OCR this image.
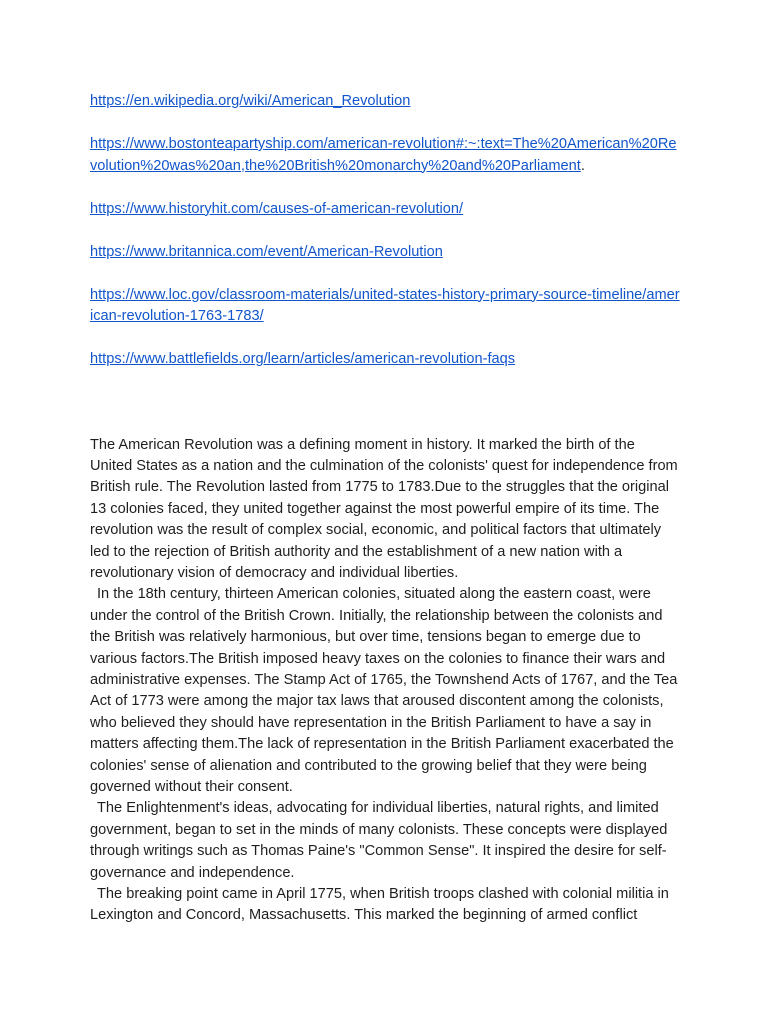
https://en.wikipedia.org/wiki/American_Revolution
https://www.bostonteapartyship.com/american-revolution#:~:text=The%20American%20Revolution%20was%20an,the%20British%20monarchy%20and%20Parliament.
https://www.historyhit.com/causes-of-american-revolution/
https://www.britannica.com/event/American-Revolution
https://www.loc.gov/classroom-materials/united-states-history-primary-source-timeline/american-revolution-1763-1783/
https://www.battlefields.org/learn/articles/american-revolution-faqs

The American Revolution was a defining moment in history. It marked the birth of the United States as a nation and the culmination of the colonists' quest for independence from British rule. The Revolution lasted from 1775 to 1783.Due to the struggles that the original 13 colonies faced, they united together against the most powerful empire of its time. The revolution was the result of complex social, economic, and political factors that ultimately led to the rejection of British authority and the establishment of a new nation with a revolutionary vision of democracy and individual liberties.

In the 18th century, thirteen American colonies, situated along the eastern coast, were under the control of the British Crown. Initially, the relationship between the colonists and the British was relatively harmonious, but over time, tensions began to emerge due to various factors.The British imposed heavy taxes on the colonies to finance their wars and administrative expenses. The Stamp Act of 1765, the Townshend Acts of 1767, and the Tea Act of 1773 were among the major tax laws that aroused discontent among the colonists, who believed they should have representation in the British Parliament to have a say in matters affecting them.The lack of representation in the British Parliament exacerbated the colonies' sense of alienation and contributed to the growing belief that they were being governed without their consent.

The Enlightenment's ideas, advocating for individual liberties, natural rights, and limited government, began to set in the minds of many colonists. These concepts were displayed through writings such as Thomas Paine's "Common Sense". It inspired the desire for self-governance and independence.

The breaking point came in April 1775, when British troops clashed with colonial militia in Lexington and Concord, Massachusetts. This marked the beginning of armed conflict
